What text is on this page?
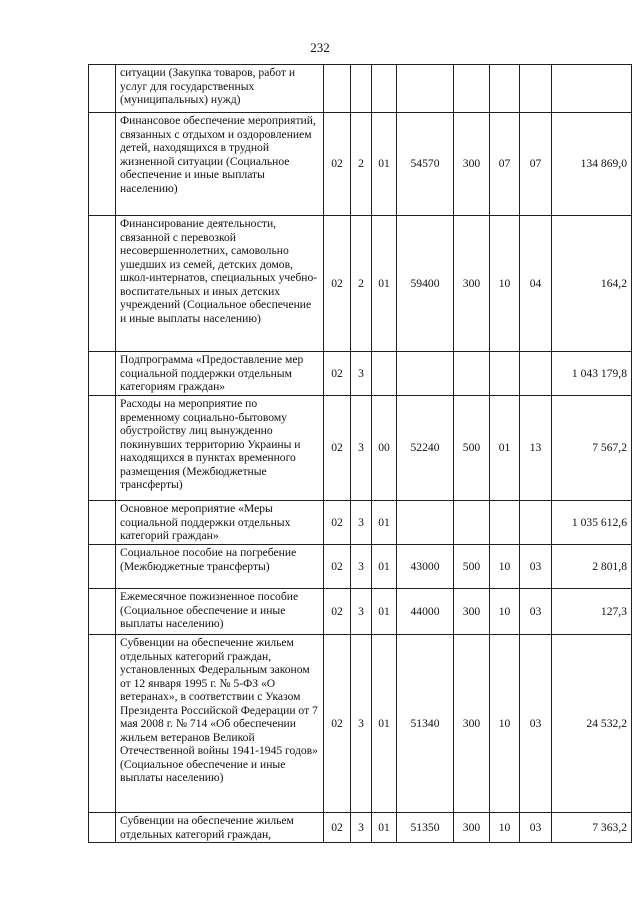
232
	ситуации (Закупка товаров, работ и услуг для государственных (муниципальных) нужд)								
	Финансовое обеспечение мероприятий, связанных с отдыхом и оздоровлением детей, находящихся в трудной жизненной ситуации (Социальное обеспечение и иные выплаты населению)	02	2	01	54570	300	07	07	134 869,0
	Финансирование деятельности, связанной с перевозкой несовершеннолетних, самовольно ушедших из семей, детских домов, школ-интернатов, специальных учебно-воспитательных и иных детских учреждений (Социальное обеспечение и иные выплаты населению)	02	2	01	59400	300	10	04	164,2
	Подпрограмма «Предоставление мер социальной поддержки отдельным категориям граждан»	02	3						1 043 179,8
	Расходы на мероприятие по временному социально-бытовому обустройству лиц вынужденно покинувших территорию Украины и находящихся в пунктах временного размещения (Межбюджетные трансферты)	02	3	00	52240	500	01	13	7 567,2
	Основное мероприятие «Меры социальной поддержки отдельных категорий граждан»	02	3	01					1 035 612,6
	Социальное пособие на погребение (Межбюджетные трансферты)	02	3	01	43000	500	10	03	2 801,8
	Ежемесячное пожизненное пособие (Социальное обеспечение и иные выплаты населению)	02	3	01	44000	300	10	03	127,3
	Субвенции на обеспечение жильем отдельных категорий граждан, установленных Федеральным законом от 12 января 1995 г. № 5-ФЗ «О ветеранах», в соответствии с Указом Президента Российской Федерации от 7 мая 2008 г. № 714 «Об обеспечении жильем ветеранов Великой Отечественной войны 1941-1945 годов» (Социальное обеспечение и иные выплаты населению)	02	3	01	51340	300	10	03	24 532,2
	Субвенции на обеспечение жильем отдельных категорий граждан,	02	3	01	51350	300	10	03	7 363,2
